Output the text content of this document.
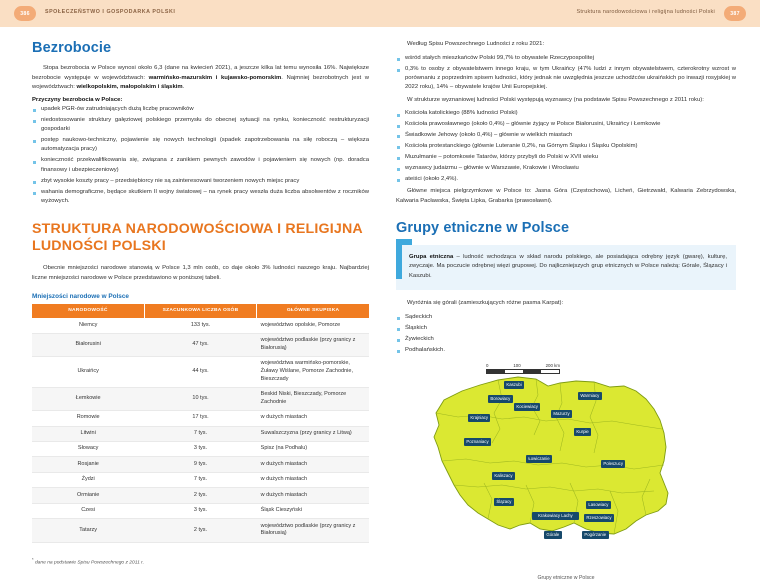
386	SPOŁECZEŃSTWO I GOSPODARKA POLSKI	Struktura narodowościowa i religijna ludności Polski	387
Bezrobocie

Stopa bezrobocia w Polsce wynosi około 6,3 (dane na kwiecień 2021), a jeszcze kilka lat temu wynosiła 16%. Największe bezrobocie występuje w województwach: warmińsko-mazurskim i kujawsko-pomorskim. Najmniej bezrobotnych jest w województwach: wielkopolskim, małopolskim i śląskim.

Przyczyny bezrobocia w Polsce:
upadek PGR-ów zatrudniających dużą liczbę pracowników
niedostosowanie struktury gałęziowej polskiego przemysłu do obecnej sytuacji na rynku, konieczność restrukturyzacji gospodarki
postęp naukowo-techniczny, pojawienie się nowych technologii (spadek zapotrzebowania na siłę roboczą – większa automatyzacja pracy)
konieczność przekwalifikowania się, związana z zanikiem pewnych zawodów i pojawieniem się nowych (np. doradca finansowy i ubezpieczeniowy)
zbyt wysokie koszty pracy – przedsiębiorcy nie są zainteresowani tworzeniem nowych miejsc pracy
wahania demograficzne, będące skutkiem II wojny światowej – na rynek pracy weszła duża liczba absolwentów z roczników wyżowych.
STRUKTURA NARODOWOŚCIOWA I RELIGIJNA LUDNOŚCI POLSKI

Obecnie mniejszości narodowe stanowią w Polsce 1,3 mln osób, co daje około 3% ludności naszego kraju. Najbardziej liczne mniejszości narodowe w Polsce przedstawiono w poniższej tabeli.

Mniejszości narodowe w Polsce
NARODOWOŚĆ	SZACUNKOWA LICZBA OSÓB	GŁÓWNE SKUPISKA
Niemcy	133 tys.	województwo opolskie, Pomorze
Białorusini	47 tys.	województwo podlaskie (przy granicy z Białorusią)
Ukraińcy	44 tys.	województwa warmińsko-pomorskie, Żuławy Wiślane, Pomorze Zachodnie, Bieszczady
Łemkowie	10 tys.	Beskid Niski, Bieszczady, Pomorze Zachodnie
Romowie	17 tys.	w dużych miastach
Litwini	7 tys.	Suwalszczyzna (przy granicy z Litwą)
Słowacy	3 tys.	Spisz (na Podhalu)
Rosjanie	9 tys.	w dużych miastach
Żydzi	7 tys.	w dużych miastach
Ormianie	2 tys.	w dużych miastach
Czesi	3 tys.	Śląsk Cieszyński
Tatarzy	2 tys.	województwo podlaskie (przy granicy z Białorusią)
* dane na podstawie Spisu Powszechnego z 2011 r.

Według Spisu Powszechnego Ludności z roku 2021:

wśród stałych mieszkańców Polski 99,7% to obywatele Rzeczypospolitej
0,3% to osoby z obywatelstwem innego kraju, w tym Ukraińcy (47% ludzi z innym obywatelstwem, czterokrotny wzrost w porównaniu z poprzednim spisem ludności, który jednak nie uwzględnia jeszcze uchodźców ukraińskich po inwazji rosyjskiej w 2022 roku), 14% – obywatele krajów Unii Europejskiej.

W strukturze wyznaniowej ludności Polski występują wyznawcy (na podstawie Spisu Powszechnego z 2011 roku):

Kościoła katolickiego (88% ludności Polski)
Kościoła prawosławnego (około 0,4%) – głównie żyjący w Polsce Białorusini, Ukraińcy i Łemkowie
Świadkowie Jehowy (około 0,4%) – głównie w wielkich miastach
Kościoła protestanckiego (głównie Luteranie 0,2%, na Górnym Śląsku i Śląsku Opolskim)
Muzułmanie – potomkowie Tatarów, którzy przybyli do Polski w XVII wieku
wyznawcy judaizmu – głównie w Warszawie, Krakowie i Wrocławiu
ateiści (około 2,4%).

Główne miejsca pielgrzymkowe w Polsce to: Jasna Góra (Częstochowa), Licheń, Gietrzwałd, Kalwaria Zebrzydowska, Kalwaria Pacławska, Święta Lipka, Grabarka (prawosławni).

Grupy etniczne w Polsce

Grupa etniczna – ludność wchodząca w skład narodu polskiego, ale posiadająca odrębny język (gwarę), kulturę, zwyczaje. Ma poczucie odrębnej więzi grupowej. Do najliczniejszych grup etnicznych w Polsce należą: Górale, Ślązacy i Kaszubi.

Wyróżnia się górali (zamieszkujących różne pasma Karpat):

Sądeckich
Śląskich
Żywieckich
Podhalańskich.
0	100	200 km
Kaszubi
Borowiacy
Kociewiacy
Warmiacy
Krajniacy
Mazurzy
Kurpie
Poznaniacy
Łowiczanie
Poleszucy
Kaliszacy
Ślązacy
Lasowiacy
Krakowiacy Lachy	Rzeszowiacy
Górale	Pogórzanie
Grupy etniczne w Polsce
